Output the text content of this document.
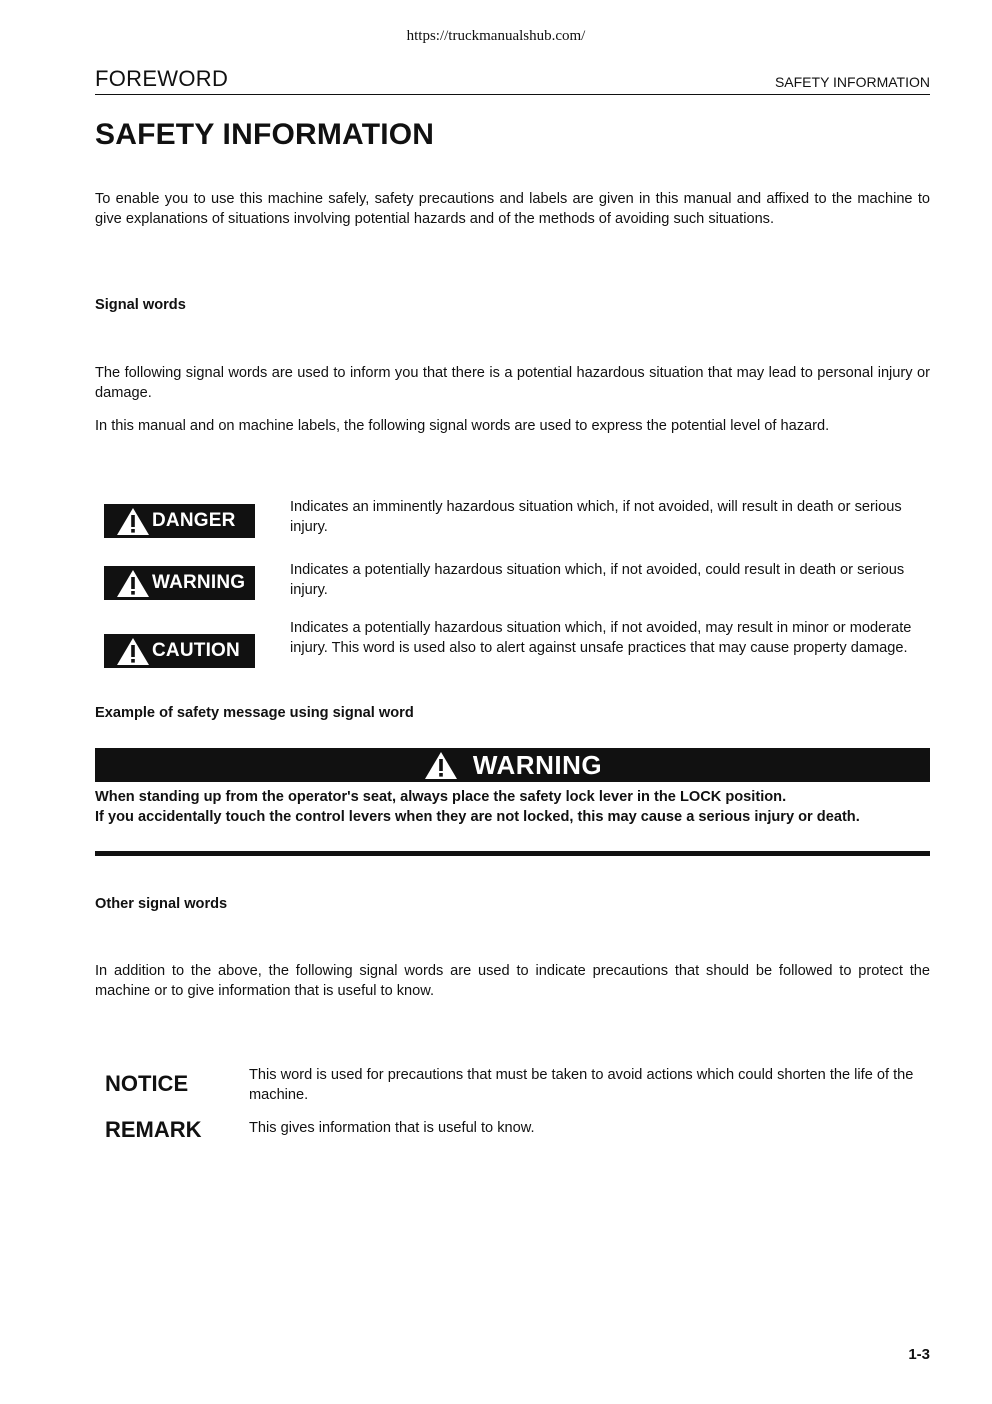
https://truckmanualshub.com/
FOREWORD	SAFETY INFORMATION
SAFETY INFORMATION
To enable you to use this machine safely, safety precautions and labels are given in this manual and affixed to the machine to give explanations of situations involving potential hazards and of the methods of avoiding such situations.
Signal words
The following signal words are used to inform you that there is a potential hazardous situation that may lead to personal injury or damage.
In this manual and on machine labels, the following signal words are used to express the potential level of hazard.
DANGER
Indicates an imminently hazardous situation which, if not avoided, will result in death or serious injury.
WARNING
Indicates a potentially hazardous situation which, if not avoided, could result in death or serious injury.
CAUTION
Indicates a potentially hazardous situation which, if not avoided, may result in minor or moderate injury. This word is used also to alert against unsafe practices that may cause property damage.
Example of safety message using signal word
WARNING
When standing up from the operator's seat, always place the safety lock lever in the LOCK position.
If you accidentally touch the control levers when they are not locked, this may cause a serious injury or death.
Other signal words
In addition to the above, the following signal words are used to indicate precautions that should be followed to protect the machine or to give information that is useful to know.
NOTICE	This word is used for precautions that must be taken to avoid actions which could shorten the life of the machine.
REMARK	This gives information that is useful to know.
1-3
